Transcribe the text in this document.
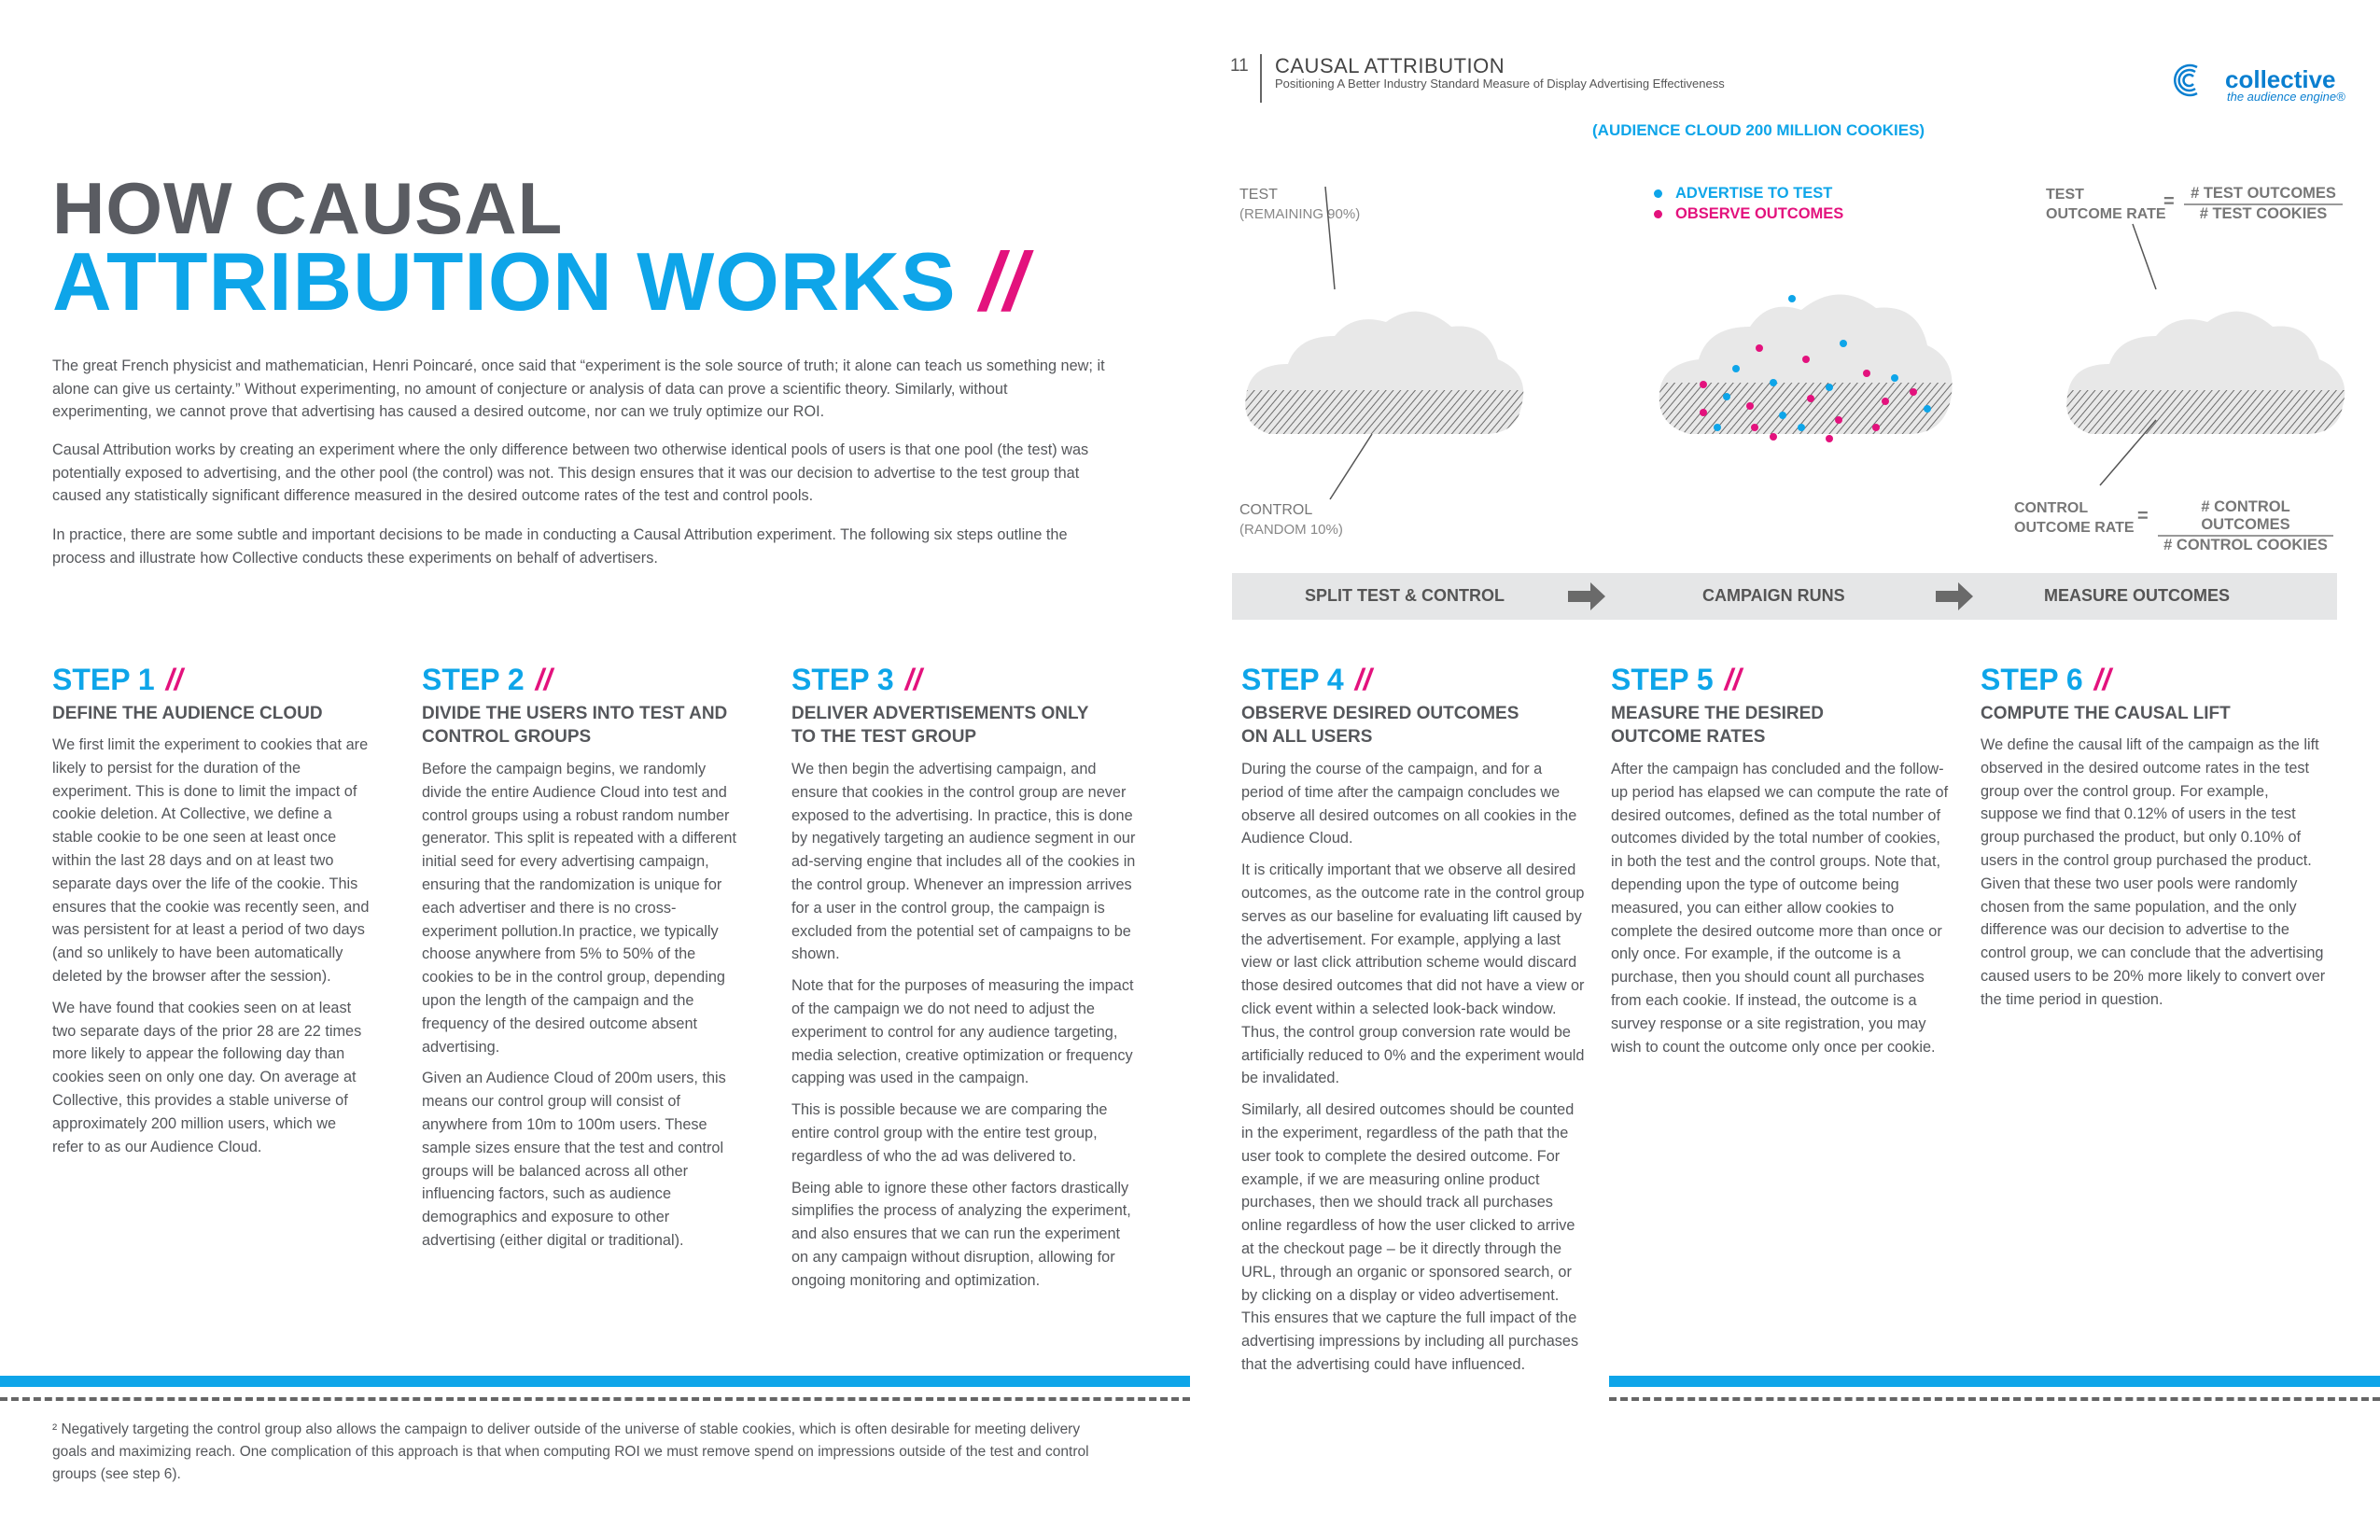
11 CAUSAL ATTRIBUTION
Positioning A Better Industry Standard Measure of Display Advertising Effectiveness	collective
the audience engine®
HOW CAUSAL
ATTRIBUTION WORKS //

The great French physicist and mathematician, Henri Poincaré, once said that “experiment is the sole source of truth; it alone can teach us something new; it alone can give us certainty.” Without experimenting, no amount of conjecture or analysis of data can prove a scientific theory. Similarly, without experimenting, we cannot prove that advertising has caused a desired outcome, nor can we truly optimize our ROI.

Causal Attribution works by creating an experiment where the only difference between two otherwise identical pools of users is that one pool (the test) was potentially exposed to advertising, and the other pool (the control) was not. This design ensures that it was our decision to advertise to the test group that caused any statistically significant difference measured in the desired outcome rates of the test and control pools.

In practice, there are some subtle and important decisions to be made in conducting a Causal Attribution experiment. The following six steps outline the process and illustrate how Collective conducts these experiments on behalf of advertisers.

(AUDIENCE CLOUD 200 MILLION COOKIES)
TEST
(REMAINING 90%)
CONTROL
(RANDOM 10%)
ADVERTISE TO TEST
OBSERVE OUTCOMES
TEST
OUTCOME RATE
=	# TEST OUTCOMES
# TEST COOKIES
CONTROL
OUTCOME RATE
=	# CONTROL OUTCOMES
# CONTROL COOKIES
SPLIT TEST & CONTROL	CAMPAIGN RUNS	MEASURE OUTCOMES
STEP 1 //
DEFINE THE AUDIENCE CLOUD

We first limit the experiment to cookies that are likely to persist for the duration of the experiment. This is done to limit the impact of cookie deletion. At Collective, we define a stable cookie to be one seen at least once within the last 28 days and on at least two separate days over the life of the cookie. This ensures that the cookie was recently seen, and was persistent for at least a period of two days (and so unlikely to have been automatically deleted by the browser after the session).

We have found that cookies seen on at least two separate days of the prior 28 are 22 times more likely to appear the following day than cookies seen on only one day. On average at Collective, this provides a stable universe of approximately 200 million users, which we refer to as our Audience Cloud.

STEP 2 //
DIVIDE THE USERS INTO TEST AND CONTROL GROUPS

Before the campaign begins, we randomly divide the entire Audience Cloud into test and control groups using a robust random number generator. This split is repeated with a different initial seed for every advertising campaign, ensuring that the randomization is unique for each advertiser and there is no cross-experiment pollution.In practice, we typically choose anywhere from 5% to 50% of the cookies to be in the control group, depending upon the length of the campaign and the frequency of the desired outcome absent advertising.

Given an Audience Cloud of 200m users, this means our control group will consist of anywhere from 10m to 100m users. These sample sizes ensure that the test and control groups will be balanced across all other influencing factors, such as audience demographics and exposure to other advertising (either digital or traditional).

STEP 3 //
DELIVER ADVERTISEMENTS ONLY TO THE TEST GROUP

We then begin the advertising campaign, and ensure that cookies in the control group are never exposed to the advertising. In practice, this is done by negatively targeting an audience segment in our ad-serving engine that includes all of the cookies in the control group. Whenever an impression arrives for a user in the control group, the campaign is excluded from the potential set of campaigns to be shown.

Note that for the purposes of measuring the impact of the campaign we do not need to adjust the experiment to control for any audience targeting, media selection, creative optimization or frequency capping was used in the campaign.

This is possible because we are comparing the entire control group with the entire test group, regardless of who the ad was delivered to.

Being able to ignore these other factors drastically simplifies the process of analyzing the experiment, and also ensures that we can run the experiment on any campaign without disruption, allowing for ongoing monitoring and optimization.

STEP 4 //
OBSERVE DESIRED OUTCOMES ON ALL USERS

During the course of the campaign, and for a period of time after the campaign concludes we observe all desired outcomes on all cookies in the Audience Cloud.

It is critically important that we observe all desired outcomes, as the outcome rate in the control group serves as our baseline for evaluating lift caused by the advertisement. For example, applying a last view or last click attribution scheme would discard those desired outcomes that did not have a view or click event within a selected look-back window. Thus, the control group conversion rate would be artificially reduced to 0% and the experiment would be invalidated.

Similarly, all desired outcomes should be counted in the experiment, regardless of the path that the user took to complete the desired outcome. For example, if we are measuring online product purchases, then we should track all purchases online regardless of how the user clicked to arrive at the checkout page – be it directly through the URL, through an organic or sponsored search, or by clicking on a display or video advertisement. This ensures that we capture the full impact of the advertising impressions by including all purchases that the advertising could have influenced.

STEP 5 //
MEASURE THE DESIRED OUTCOME RATES

After the campaign has concluded and the follow-up period has elapsed we can compute the rate of desired outcomes, defined as the total number of outcomes divided by the total number of cookies, in both the test and the control groups. Note that, depending upon the type of outcome being measured, you can either allow cookies to complete the desired outcome more than once or only once. For example, if the outcome is a purchase, then you should count all purchases from each cookie. If instead, the outcome is a survey response or a site registration, you may wish to count the outcome only once per cookie.

STEP 6 //
COMPUTE THE CAUSAL LIFT

We define the causal lift of the campaign as the lift observed in the desired outcome rates in the test group over the control group. For example, suppose we find that 0.12% of users in the test group purchased the product, but only 0.10% of users in the control group purchased the product. Given that these two user pools were randomly chosen from the same population, and the only difference was our decision to advertise to the control group, we can conclude that the advertising caused users to be 20% more likely to convert over the time period in question.

² Negatively targeting the control group also allows the campaign to deliver outside of the universe of stable cookies, which is often desirable for meeting delivery goals and maximizing reach. One complication of this approach is that when computing ROI we must remove spend on impressions outside of the test and control groups (see step 6).
